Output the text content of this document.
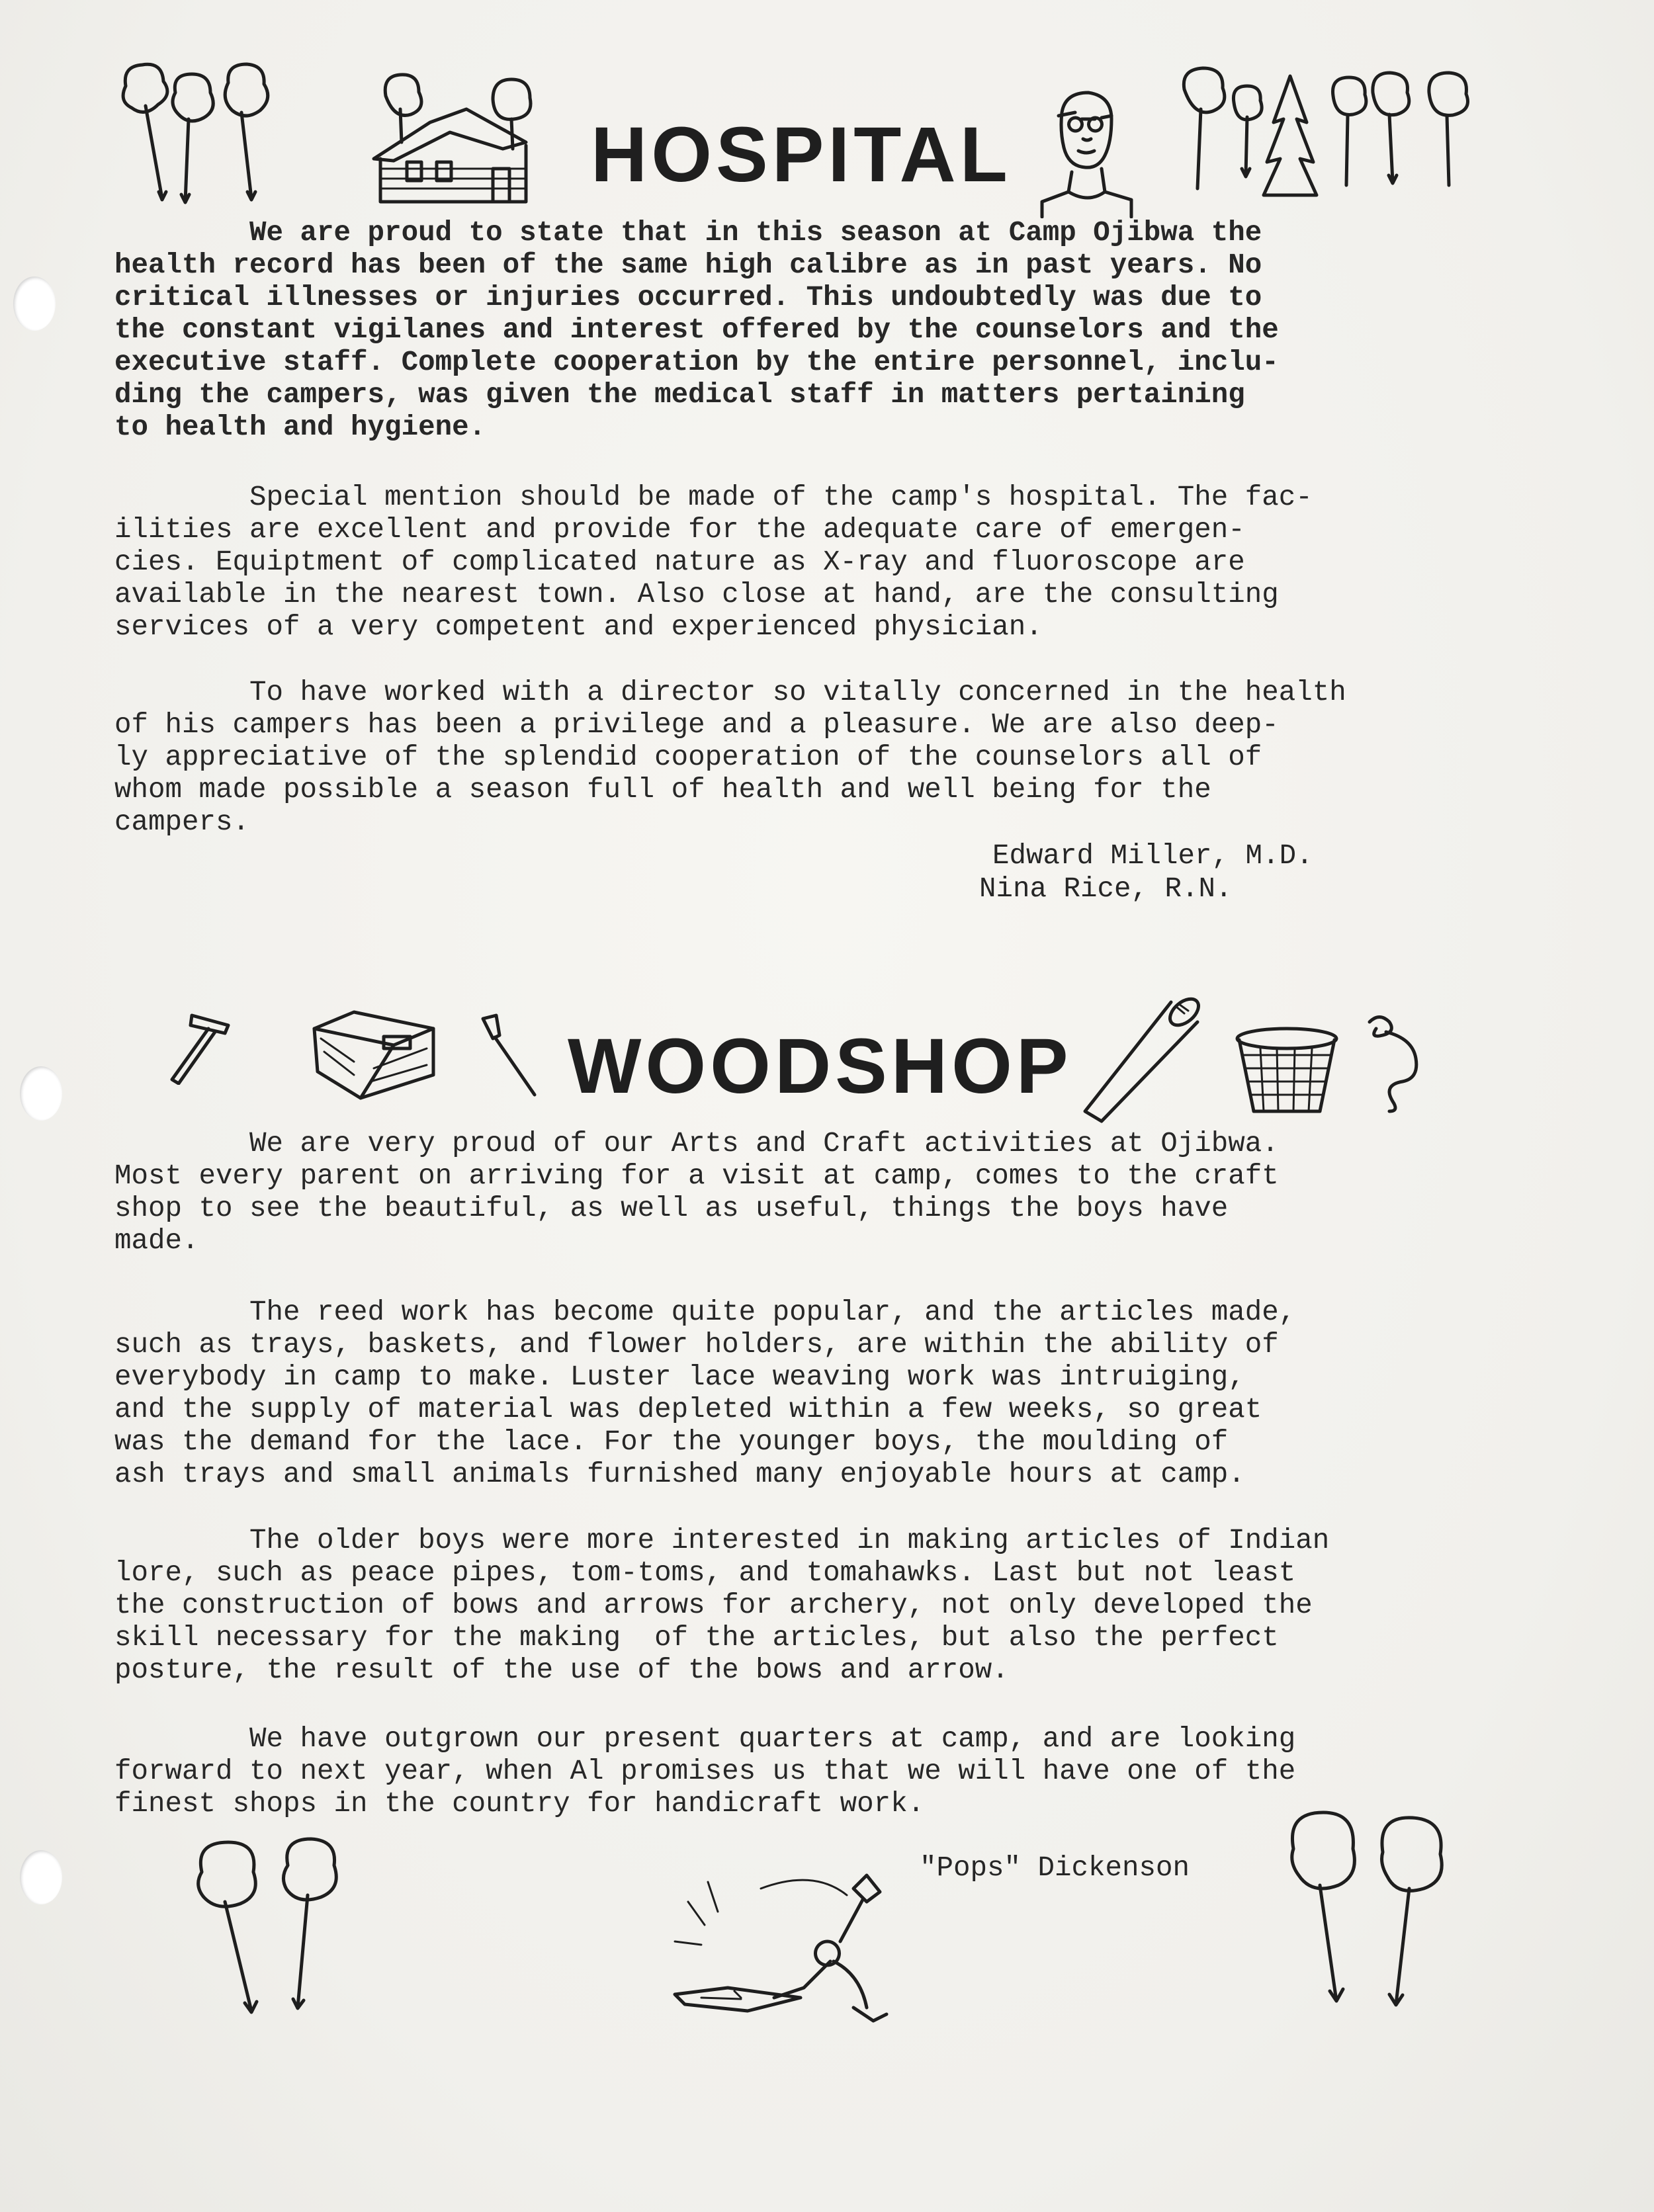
HOSPITAL

We are proud to state that in this season at Camp Ojibwa the
health record has been of the same high calibre as in past years. No
critical illnesses or injuries occurred. This undoubtedly was due to
the constant vigilanes and interest offered by the counselors and the
executive staff. Complete cooperation by the entire personnel, inclu-
ding the campers, was given the medical staff in matters pertaining
to health and hygiene.

Special mention should be made of the camp's hospital. The fac-
ilities are excellent and provide for the adequate care of emergen-
cies. Equiptment of complicated nature as X-ray and fluoroscope are
available in the nearest town. Also close at hand, are the consulting
services of a very competent and experienced physician.

To have worked with a director so vitally concerned in the health
of his campers has been a privilege and a pleasure. We are also deep-
ly appreciative of the splendid cooperation of the counselors all of
whom made possible a season full of health and well being for the
campers.

Edward Miller, M.D.

Nina Rice, R.N.

WOODSHOP

We are very proud of our Arts and Craft activities at Ojibwa.
Most every parent on arriving for a visit at camp, comes to the craft
shop to see the beautiful, as well as useful, things the boys have
made.

The reed work has become quite popular, and the articles made,
such as trays, baskets, and flower holders, are within the ability of
everybody in camp to make. Luster lace weaving work was intruiging,
and the supply of material was depleted within a few weeks, so great
was the demand for the lace. For the younger boys, the moulding of
ash trays and small animals furnished many enjoyable hours at camp.

The older boys were more interested in making articles of Indian
lore, such as peace pipes, tom-toms, and tomahawks. Last but not least
the construction of bows and arrows for archery, not only developed the
skill necessary for the making  of the articles, but also the perfect
posture, the result of the use of the bows and arrow.

We have outgrown our present quarters at camp, and are looking
forward to next year, when Al promises us that we will have one of the
finest shops in the country for handicraft work.

"Pops" Dickenson
